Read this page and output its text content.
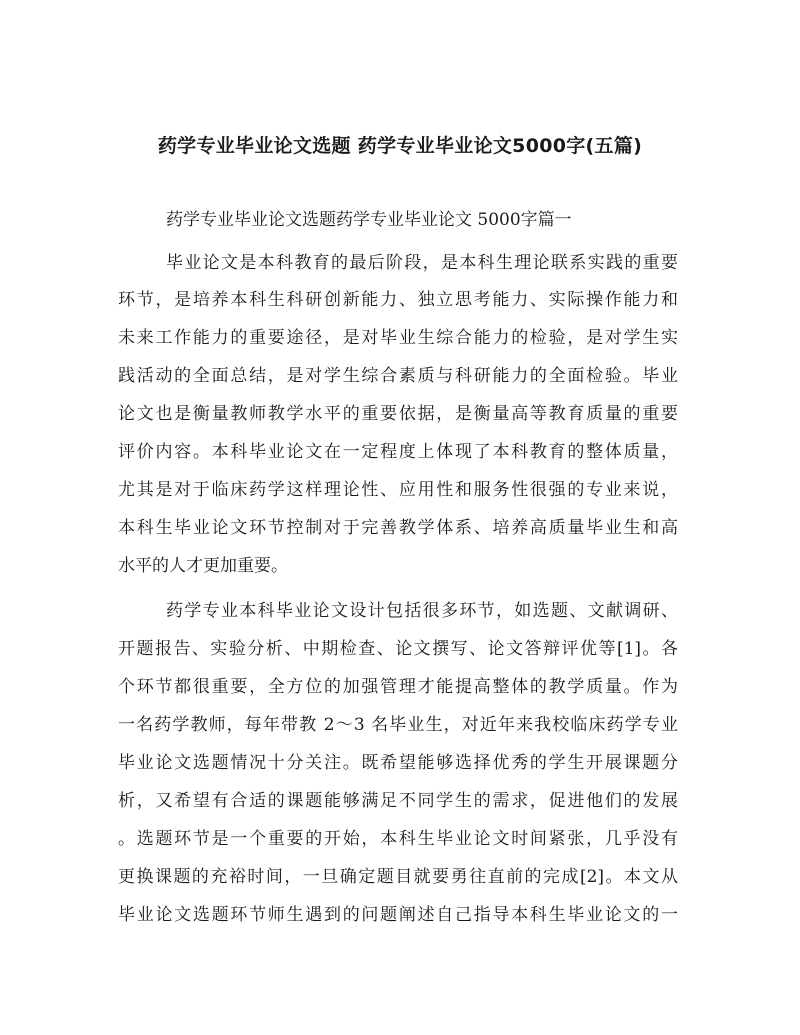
药学专业毕业论文选题 药学专业毕业论文5000字(五篇)
药学专业毕业论文选题药学专业毕业论文 5000字篇一
毕业论文是本科教育的最后阶段，是本科生理论联系实践的重要
环节，是培养本科生科研创新能力、独立思考能力、实际操作能力和
未来工作能力的重要途径，是对毕业生综合能力的检验，是对学生实
践活动的全面总结，是对学生综合素质与科研能力的全面检验。毕业
论文也是衡量教师教学水平的重要依据，是衡量高等教育质量的重要
评价内容。本科毕业论文在一定程度上体现了本科教育的整体质量，
尤其是对于临床药学这样理论性、应用性和服务性很强的专业来说，
本科生毕业论文环节控制对于完善教学体系、培养高质量毕业生和高
水平的人才更加重要。
药学专业本科毕业论文设计包括很多环节，如选题、文献调研、
开题报告、实验分析、中期检查、论文撰写、论文答辩评优等[1]。各
个环节都很重要，全方位的加强管理才能提高整体的教学质量。作为
一名药学教师，每年带教 2～3 名毕业生，对近年来我校临床药学专业
毕业论文选题情况十分关注。既希望能够选择优秀的学生开展课题分
析，又希望有合适的课题能够满足不同学生的需求，促进他们的发展
。选题环节是一个重要的开始，本科生毕业论文时间紧张，几乎没有
更换课题的充裕时间，一旦确定题目就要勇往直前的完成[2]。本文从
毕业论文选题环节师生遇到的问题阐述自己指导本科生毕业论文的一
